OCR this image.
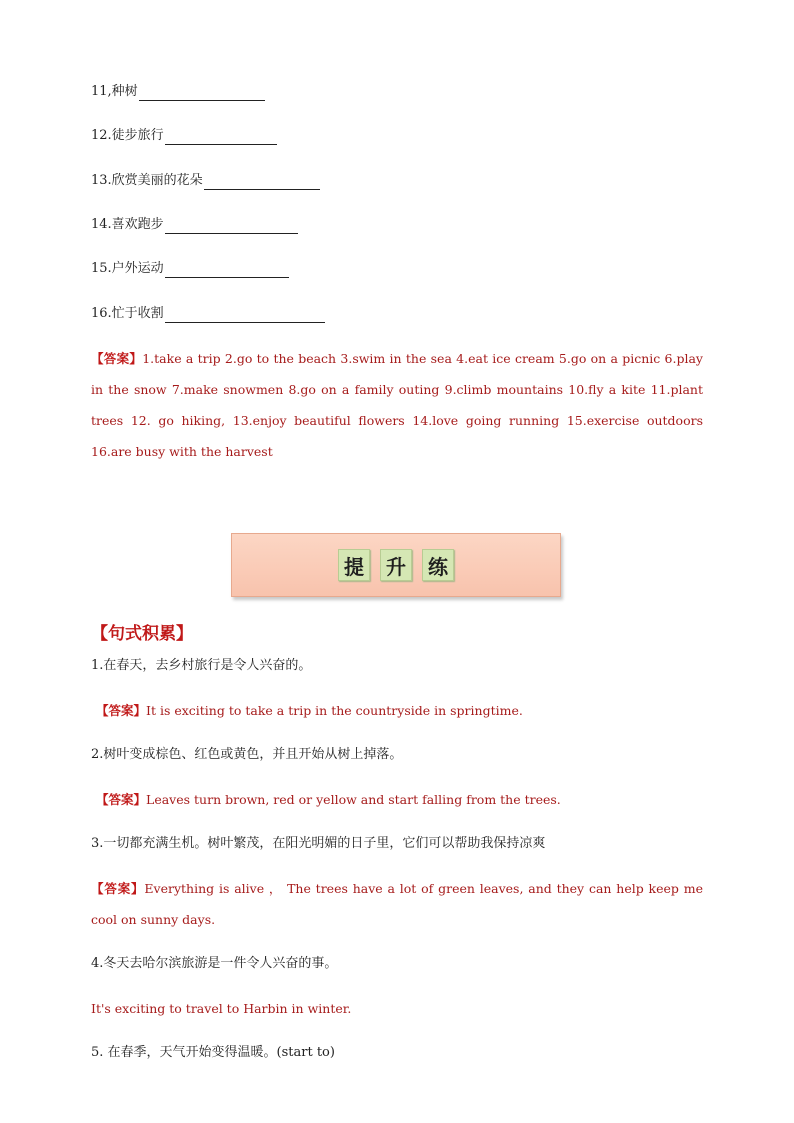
11,种树
12.徒步旅行
13.欣赏美丽的花朵
14.喜欢跑步
15.户外运动
16.忙于收割
【答案】1.take a trip 2.go to the beach 3.swim in the sea 4.eat ice cream 5.go on a picnic 6.play in the snow 7.make snowmen 8.go on a family outing 9.climb mountains 10.fly a kite 11.plant trees 12. go hiking, 13.enjoy beautiful flowers 14.love going running 15.exercise outdoors 16.are busy with the harvest
提	升	练
【句式积累】
1.在春天，去乡村旅行是令人兴奋的。
【答案】It is exciting to take a trip in the countryside in springtime.
2.树叶变成棕色、红色或黄色，并且开始从树上掉落。
【答案】Leaves turn brown, red or yellow and start falling from the trees.
3.一切都充满生机。树叶繁茂，在阳光明媚的日子里，它们可以帮助我保持凉爽
【答案】Everything is alive ， The trees have a lot of green leaves, and they can help keep me cool on sunny days.
4.冬天去哈尔滨旅游是一件令人兴奋的事。
It's exciting to travel to Harbin in winter.
5. 在春季，天气开始变得温暖。(start to)
